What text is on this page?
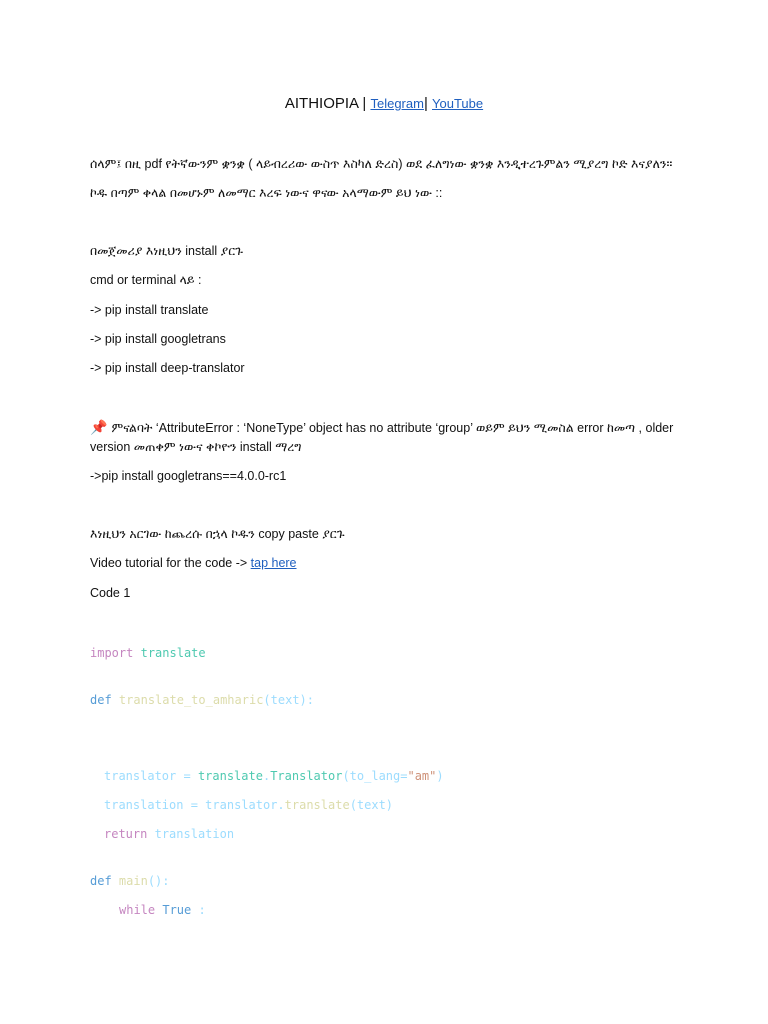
AITHIOPIA | Telegram| YouTube
ሰላም፤ በዚ pdf የትኛውንም ቋንቋ ( ላይብረሪው ውስጥ እስካለ ድረስ) ወደ ፈለግነው ቋንቋ እንዲተረጉምልን ሚያረግ ኮድ እናያለን።
ኮዱ በጣም ቀላል በመሆኑም ለመማር እረፍ ነውና ዋናው አላማውም ይህ ነው ::
በመጀመሪያ እነዚህን install ያርጉ
cmd or terminal ላይ :
-> pip install translate
-> pip install googletrans
-> pip install deep-translator
📌 ምናልባት ‘AttributeError : ‘NoneType’ object has no attribute ‘group’ ወይም ይህን ሚመስል error ከመጣ , older version መጠቀም ነውና ቀኮዮን install ማረግ
->pip install googletrans==4.0.0-rc1
እነዚህን አርገው ከጨረሱ በኋላ ኮዱን copy paste ያርጉ
Video tutorial for the code -> tap here
Code 1
import translate
def translate_to_amharic(text):
translator = translate.Translator(to_lang="am")
translation = translator.translate(text)
return translation
def main():
while True :
